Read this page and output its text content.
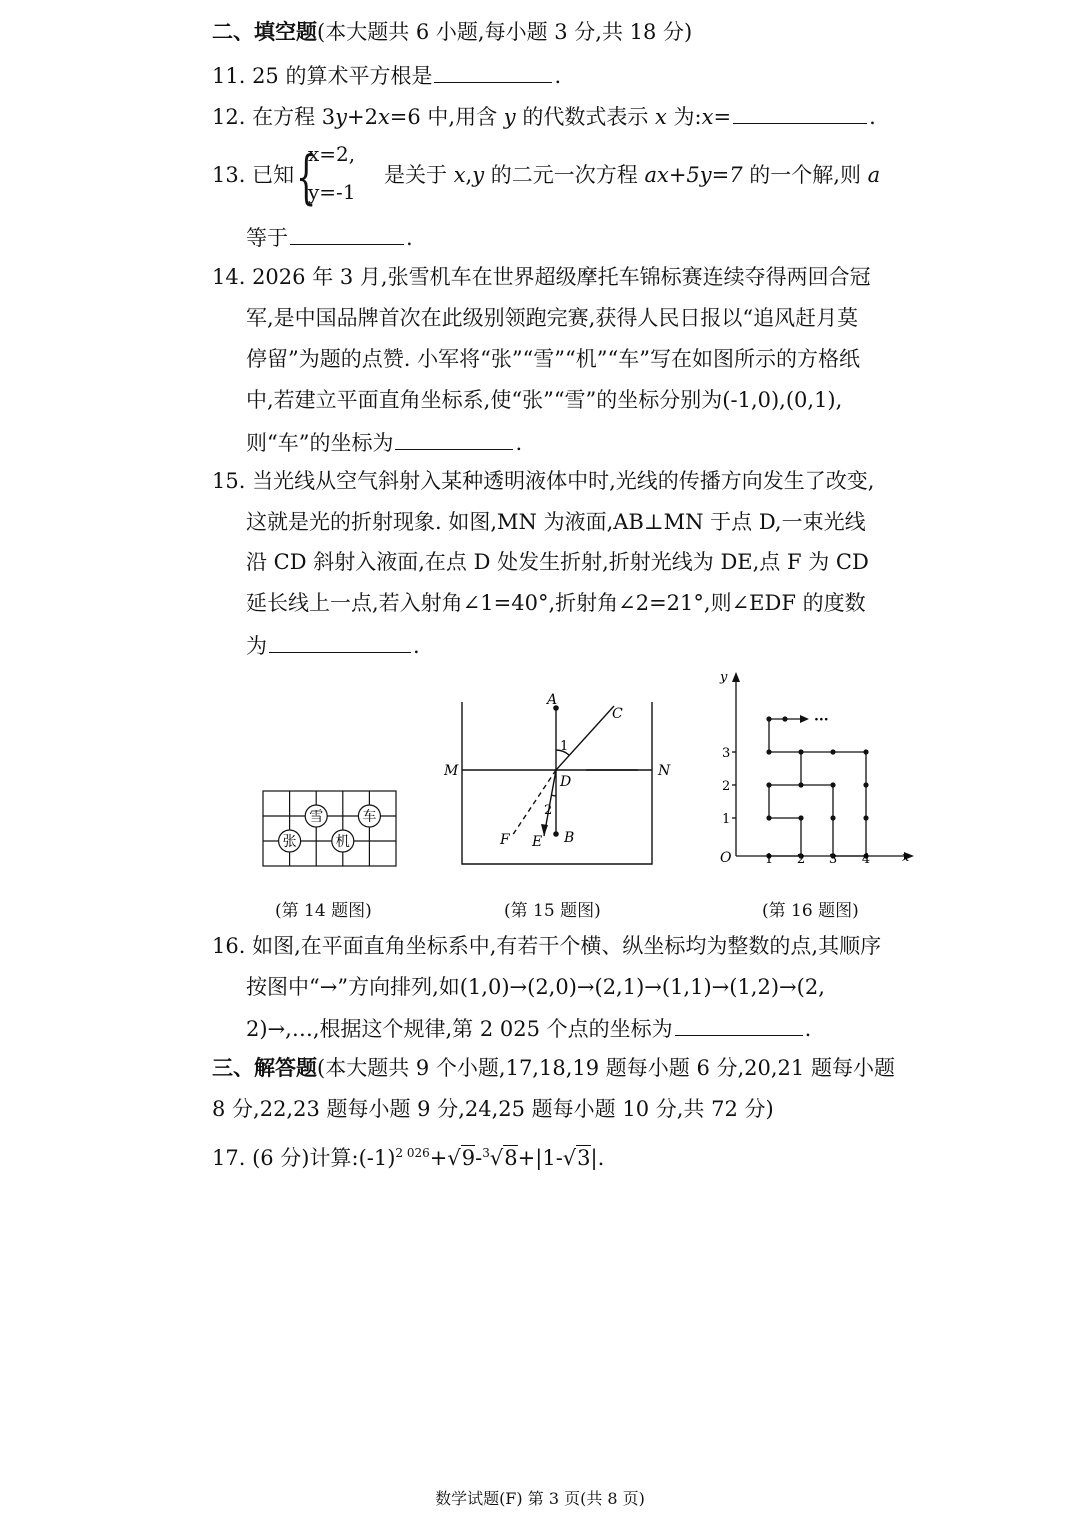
二、填空题(本大题共 6 小题,每小题 3 分,共 18 分)
11. 25 的算术平方根是	.
12. 在方程 3y+2x=6 中,用含 y 的代数式表示 x 为:x=	.
13. 已知 {
x=2,
y=-1
是关于 x,y 的二元一次方程 ax+5y=7 的一个解,则 a
等于	.
14. 2026 年 3 月,张雪机车在世界超级摩托车锦标赛连续夺得两回合冠
军,是中国品牌首次在此级别领跑完赛,获得人民日报以“追风赶月莫
停留”为题的点赞. 小军将“张”“雪”“机”“车”写在如图所示的方格纸
中,若建立平面直角坐标系,使“张”“雪”的坐标分别为(-1,0),(0,1),
则“车”的坐标为	.
15. 当光线从空气斜射入某种透明液体中时,光线的传播方向发生了改变,
这就是光的折射现象. 如图,MN 为液面,AB⊥MN 于点 D,一束光线
沿 CD 斜射入液面,在点 D 处发生折射,折射光线为 DE,点 F 为 CD
延长线上一点,若入射角∠1=40°,折射角∠2=21°,则∠EDF 的度数
为	.
雪	车
张	机
A
B
C
D
E
F
M	N
1
2
···
y
x
O	1 2 3 4
1
2
3
(第 14 题图)	(第 15 题图)	(第 16 题图)
16. 如图,在平面直角坐标系中,有若干个横、纵坐标均为整数的点,其顺序
按图中“→”方向排列,如(1,0)→(2,0)→(2,1)→(1,1)→(1,2)→(2,
2)→,…,根据这个规律,第 2 025 个点的坐标为	.
三、解答题(本大题共 9 个小题,17,18,19 题每小题 6 分,20,21 题每小题
8 分,22,23 题每小题 9 分,24,25 题每小题 10 分,共 72 分)
17. (6 分)计算$:(-1)^{2 026}+√9-^3√8+|1-√3|$.
数学试题(F) 第 3 页(共 8 页)
